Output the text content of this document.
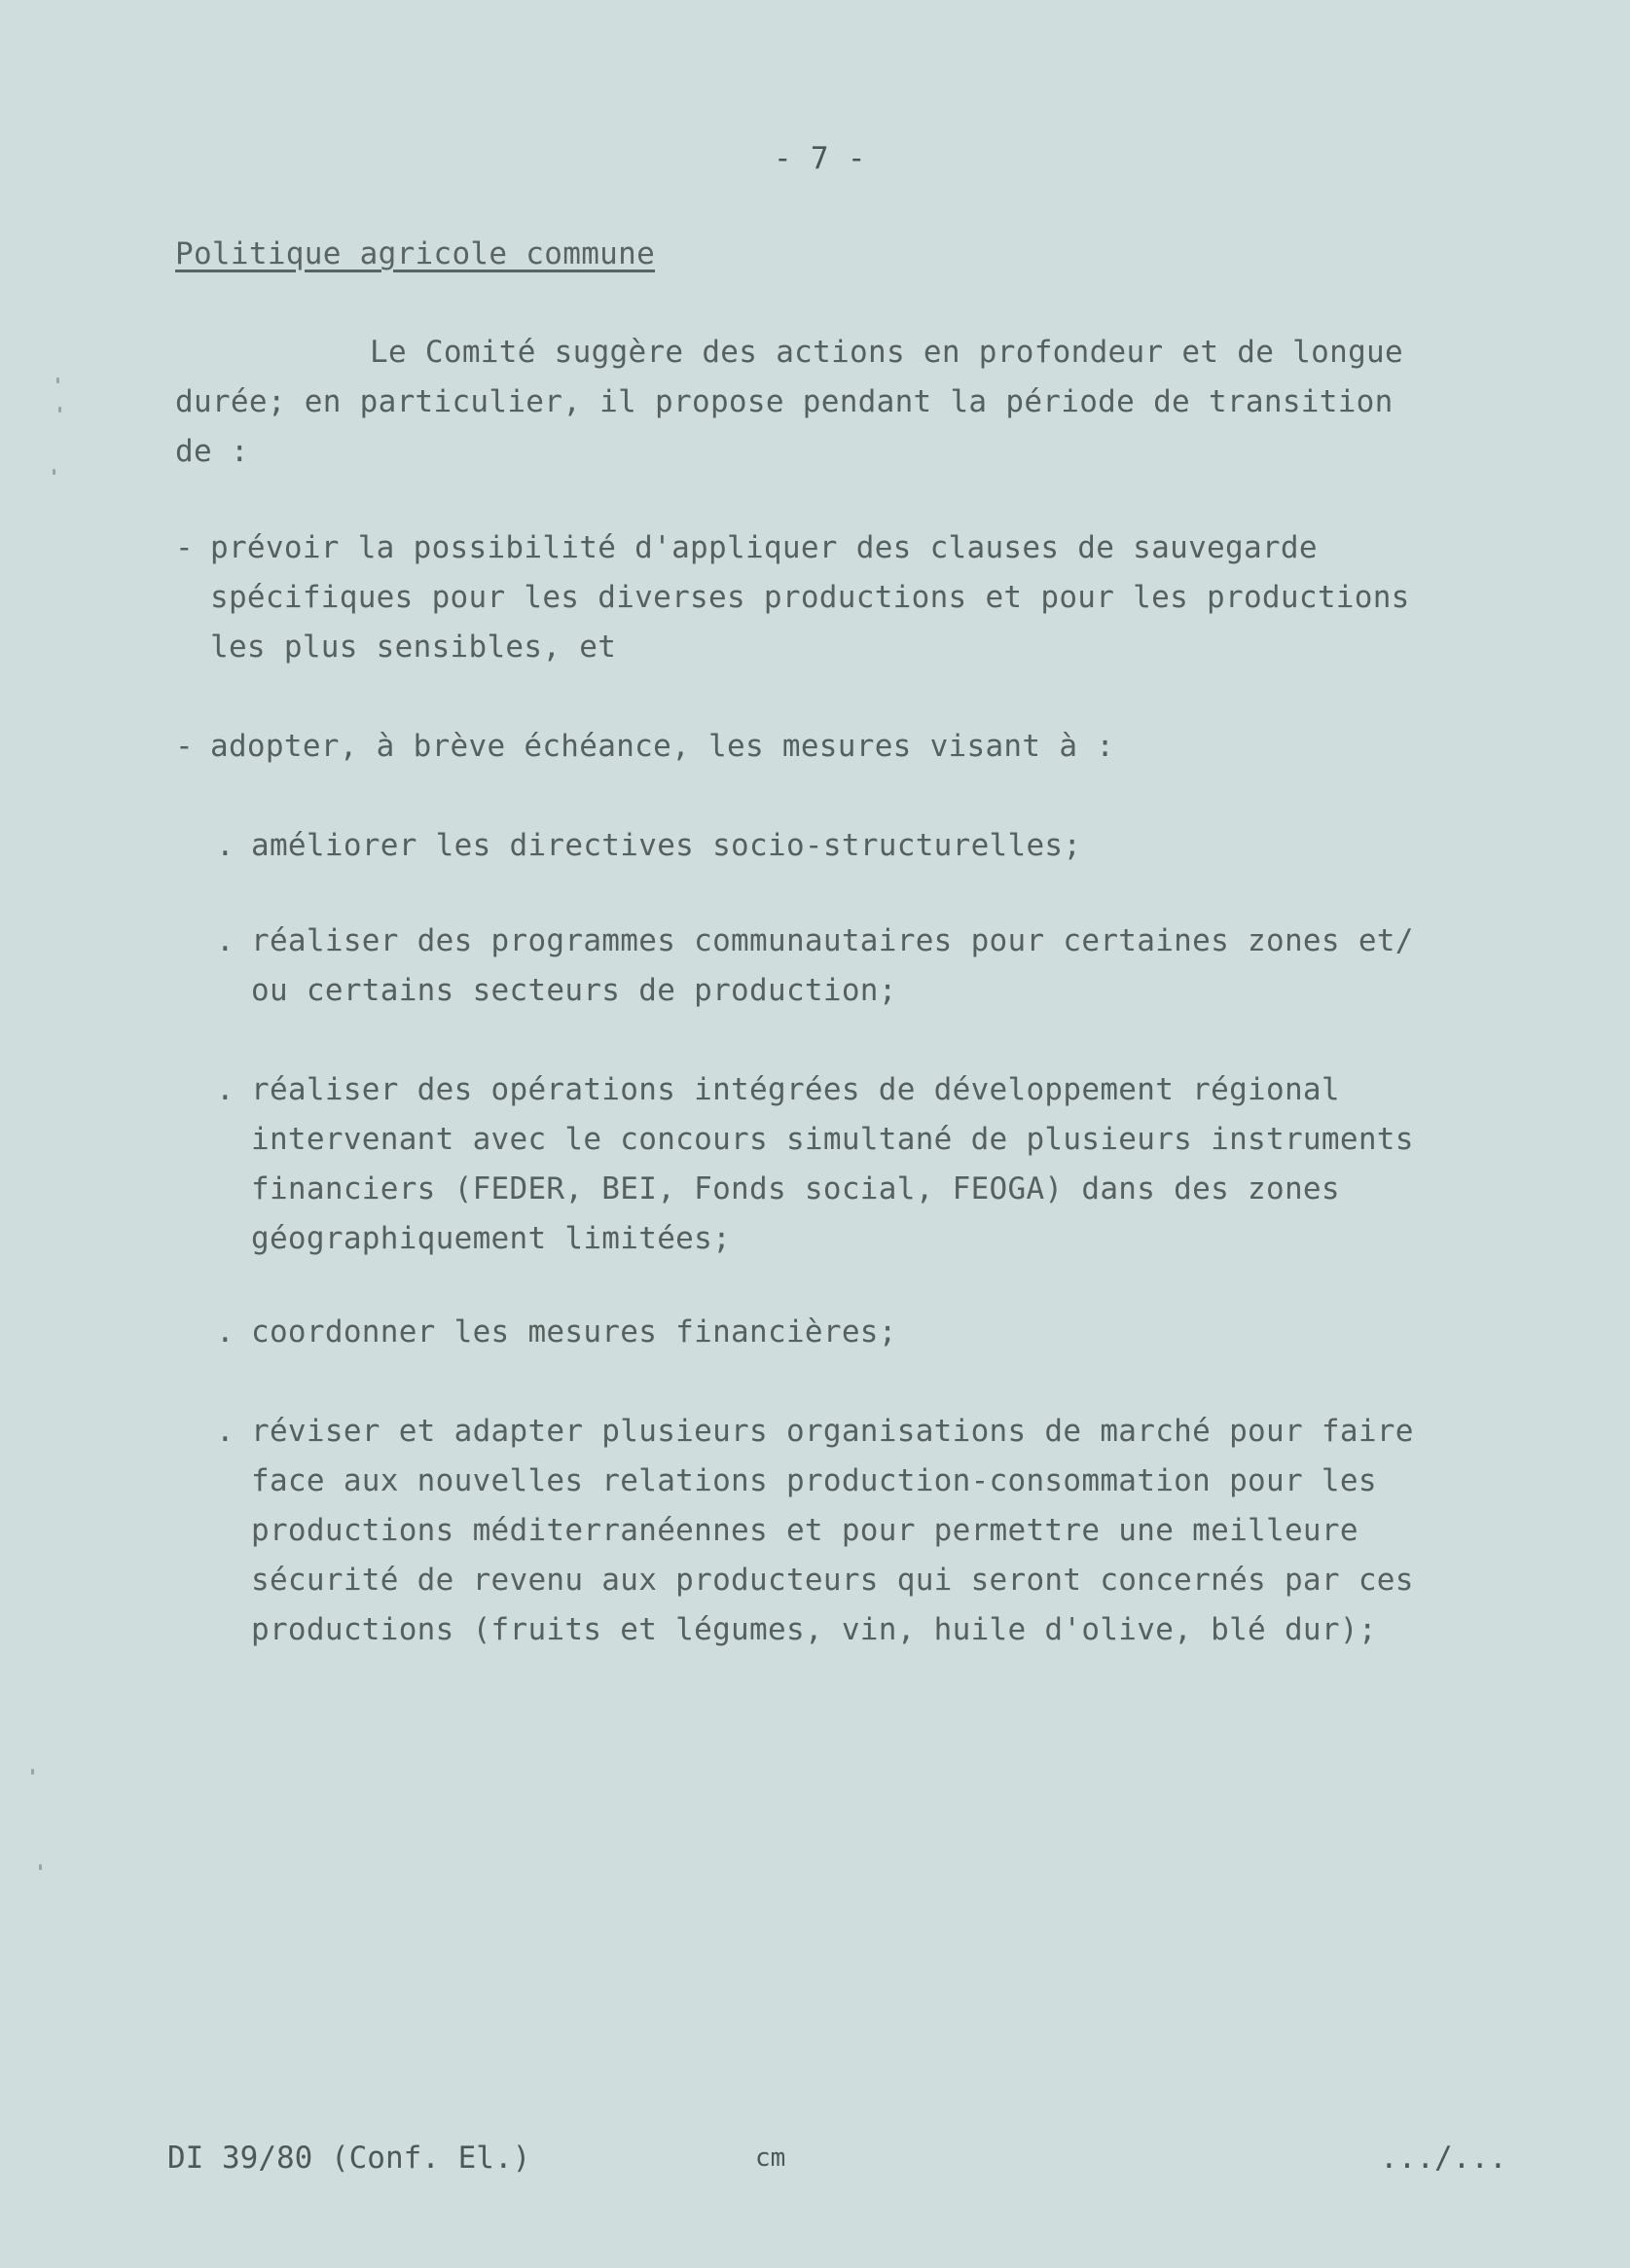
- 7 -
Politique agricole commune
Le Comité suggère des actions en profondeur et de longue
durée; en particulier, il propose pendant la période de transition
de :
- prévoir la possibilité d'appliquer des clauses de sauvegarde
spécifiques pour les diverses productions et pour les productions
les plus sensibles, et
- adopter, à brève échéance, les mesures visant à :
. améliorer les directives socio-structurelles;
. réaliser des programmes communautaires pour certaines zones et/
ou certains secteurs de production;
. réaliser des opérations intégrées de développement régional
intervenant avec le concours simultané de plusieurs instruments
financiers (FEDER, BEI, Fonds social, FEOGA) dans des zones
géographiquement limitées;
. coordonner les mesures financières;
. réviser et adapter plusieurs organisations de marché pour faire
face aux nouvelles relations production-consommation pour les
productions méditerranéennes et pour permettre une meilleure
sécurité de revenu aux producteurs qui seront concernés par ces
productions (fruits et légumes, vin, huile d'olive, blé dur);
DI 39/80 (Conf. El.)	cm	.../...
